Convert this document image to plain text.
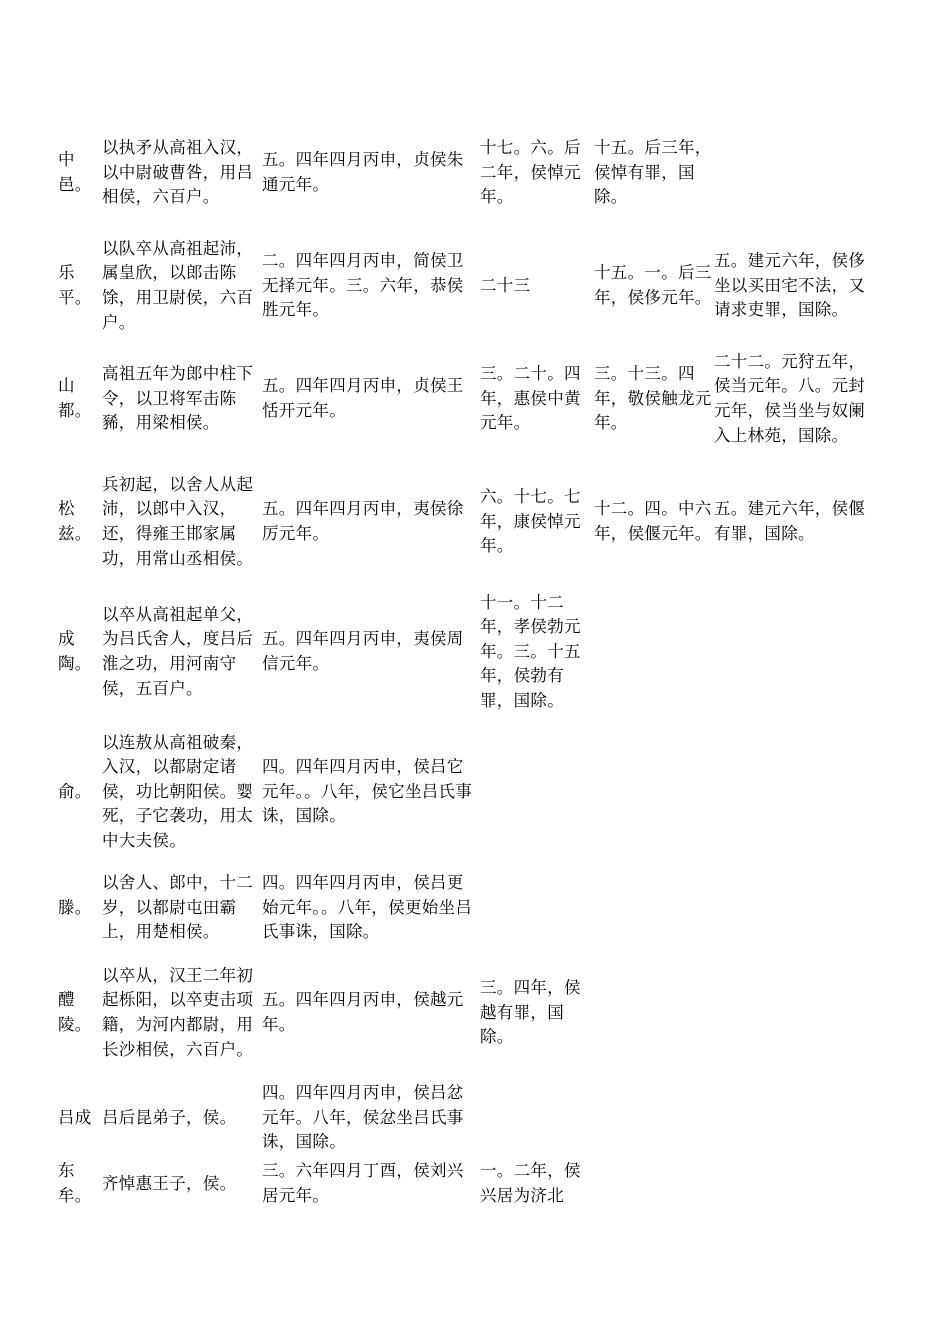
中邑。
以执矛从高祖入汉，以中尉破曹咎，用吕相侯，六百户。
五。四年四月丙申，贞侯朱通元年。
十七。六。后二年，侯悼元年。
十五。后三年，侯悼有罪，国除。
乐平。
以队卒从高祖起沛，属皇欣，以郎击陈馀，用卫尉侯，六百户。
二。四年四月丙申，简侯卫无择元年。三。六年，恭侯胜元年。
二十三
十五。一。后三年，侯侈元年。
五。建元六年，侯侈坐以买田宅不法，又请求吏罪，国除。
山都。
高祖五年为郎中柱下令，以卫将军击陈豨，用梁相侯。
五。四年四月丙申，贞侯王恬开元年。
三。二十。四年，惠侯中黄元年。
三。十三。四年，敬侯触龙元年。
二十二。元狩五年，侯当元年。八。元封元年，侯当坐与奴阑入上林苑，国除。
松兹。
兵初起，以舍人从起沛，以郎中入汉，还，得雍王邯家属功，用常山丞相侯。
五。四年四月丙申，夷侯徐厉元年。
六。十七。七年，康侯悼元年。
十二。四。中六年，侯偃元年。
五。建元六年，侯偃有罪，国除。
成陶。
以卒从高祖起单父，为吕氏舍人，度吕后淮之功，用河南守侯，五百户。
五。四年四月丙申，夷侯周信元年。
十一。十二年，孝侯勃元年。三。十五年，侯勃有罪，国除。
俞。
以连敖从高祖破秦，入汉，以都尉定诸侯，功比朝阳侯。婴死，子它袭功，用太中大夫侯。
四。四年四月丙申，侯吕它元年。。八年，侯它坐吕氏事诛，国除。
滕。
以舍人、郎中，十二岁，以都尉屯田霸上，用楚相侯。
四。四年四月丙申，侯吕更始元年。。八年，侯更始坐吕氏事诛，国除。
醴陵。
以卒从，汉王二年初起栎阳，以卒吏击项籍，为河内都尉，用长沙相侯，六百户。
五。四年四月丙申，侯越元年。
三。四年，侯越有罪，国除。
吕成 吕后昆弟子，侯。
四。四年四月丙申，侯吕忿元年。八年，侯忿坐吕氏事诛，国除。
东牟。
齐悼惠王子，侯。
三。六年四月丁酉，侯刘兴居元年。
一。二年，侯兴居为济北
